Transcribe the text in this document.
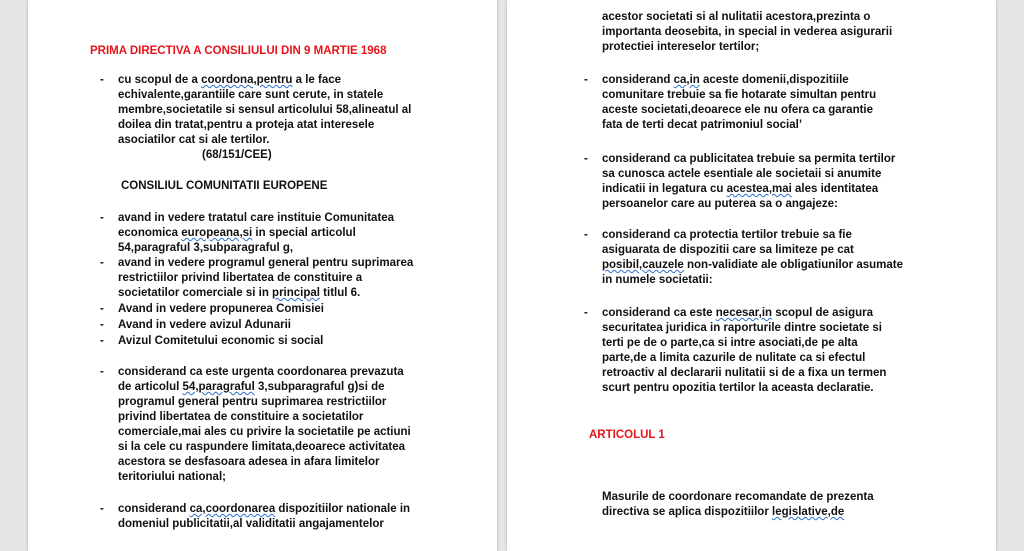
PRIMA DIRECTIVA A CONSILIULUI DIN 9 MARTIE 1968

- cu scopul de a coordona,pentru a le face

echivalente,garantiile care sunt cerute, in statele

membre,societatile si sensul articolului 58,alineatul al

doilea din tratat,pentru a proteja atat interesele

asociatilor cat si ale tertilor.

(68/151/CEE)

CONSILIUL COMUNITATII EUROPENE

- avand in vedere tratatul care instituie Comunitatea

economica europeana,si in special articolul

54,paragraful 3,subparagraful g,

- avand in vedere programul general pentru suprimarea

restrictiilor privind libertatea de constituire a

societatilor comerciale si in principal titlul 6.

- Avand in vedere propunerea Comisiei

- Avand in vedere avizul Adunarii

- Avizul Comitetului economic si social

- considerand ca este urgenta coordonarea prevazuta

de articolul 54,paragraful 3,subparagraful g)si de

programul general pentru suprimarea restrictiilor

privind libertatea de constituire a societatilor

comerciale,mai ales cu privire la societatile pe actiuni

si la cele cu raspundere limitata,deoarece activitatea

acestora se desfasoara adesea in afara limitelor

teritoriului national;

- considerand ca,coordonarea dispozitiilor nationale in

domeniul publicitatii,al validitatii angajamentelor

acestor societati si al nulitatii acestora,prezinta o

importanta deosebita, in special in vederea asigurarii

protectiei intereselor tertilor;

- considerand ca,in aceste domenii,dispozitiile

comunitare trebuie sa fie hotarate simultan pentru

aceste societati,deoarece ele nu ofera ca garantie

fata de terti decat patrimoniul social’

- considerand ca publicitatea trebuie sa permita tertilor

sa cunosca actele esentiale ale societaii si anumite

indicatii in legatura cu acestea,mai ales identitatea

persoanelor care au puterea sa o angajeze:

- considerand ca protectia tertilor trebuie sa fie

asiguarata de dispozitii care sa limiteze pe cat

posibil,cauzele non-validiate ale obligatiunilor asumate

in numele societatii:

- considerand ca este necesar,in scopul de asigura

securitatea juridica in raporturile dintre societate si

terti pe de o parte,ca si intre asociati,de pe alta

parte,de a limita cazurile de nulitate ca si efectul

retroactiv al declararii nulitatii si de a fixa un termen

scurt pentru opozitia tertilor la aceasta declaratie.

ARTICOLUL 1

Masurile de coordonare recomandate de prezenta

directiva se aplica dispozitiilor legislative,de
